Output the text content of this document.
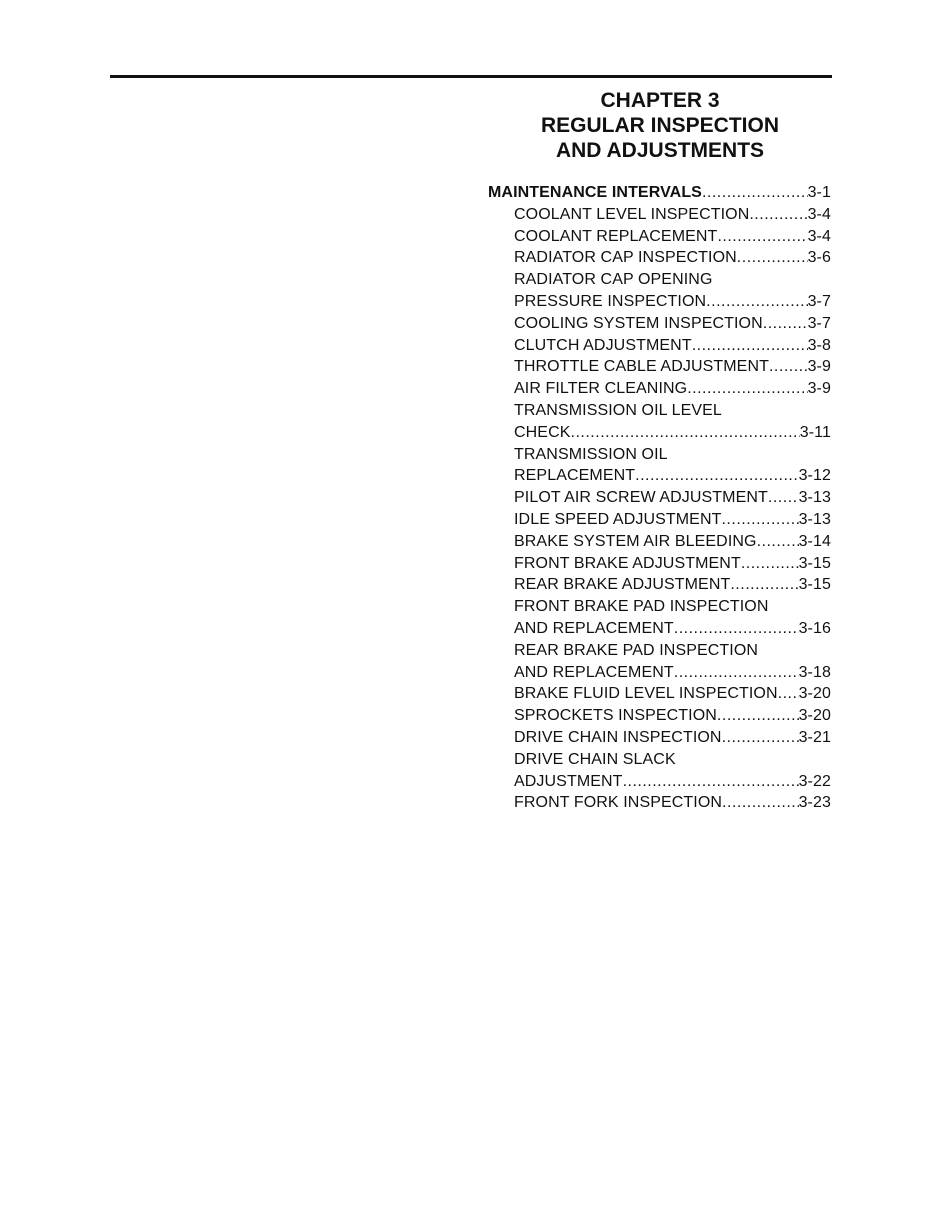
CHAPTER 3
REGULAR INSPECTION
AND ADJUSTMENTS
MAINTENANCE INTERVALS .....	3-1
COOLANT LEVEL INSPECTION .....	3-4
COOLANT REPLACEMENT .....	3-4
RADIATOR CAP INSPECTION .....	3-6
RADIATOR CAP OPENING
PRESSURE INSPECTION .....	3-7
COOLING SYSTEM INSPECTION .....	3-7
CLUTCH ADJUSTMENT .....	3-8
THROTTLE CABLE ADJUSTMENT ..... 3-9
AIR FILTER CLEANING .....	3-9
TRANSMISSION OIL LEVEL
CHECK .....	3-11
TRANSMISSION OIL
REPLACEMENT .....	3-12
PILOT AIR SCREW ADJUSTMENT ..... 3-13
IDLE SPEED ADJUSTMENT .....	3-13
BRAKE SYSTEM AIR BLEEDING .....	3-14
FRONT BRAKE ADJUSTMENT .....	3-15
REAR BRAKE ADJUSTMENT .....	3-15
FRONT BRAKE PAD INSPECTION
AND REPLACEMENT .....	3-16
REAR BRAKE PAD INSPECTION
AND REPLACEMENT .....	3-18
BRAKE FLUID LEVEL INSPECTION ..... 3-20
SPROCKETS INSPECTION .....	3-20
DRIVE CHAIN INSPECTION .....	3-21
DRIVE CHAIN SLACK
ADJUSTMENT .....	3-22
FRONT FORK INSPECTION .....	3-23
